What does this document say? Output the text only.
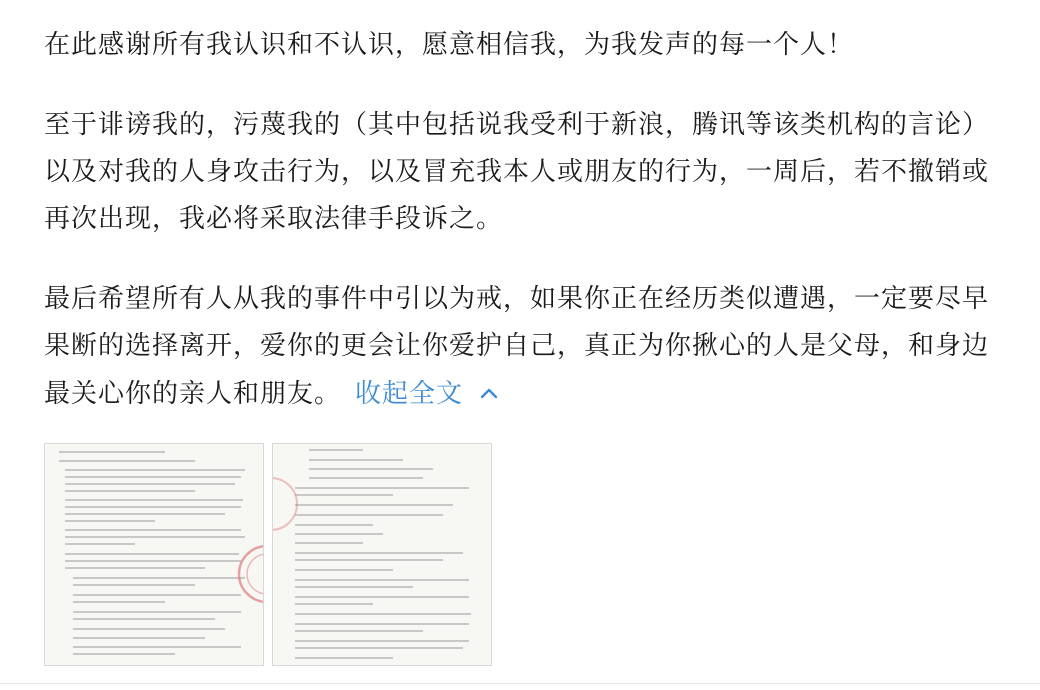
在此感谢所有我认识和不认识，愿意相信我，为我发声的每一个人！

至于诽谤我的，污蔑我的（其中包括说我受利于新浪，腾讯等该类机构的言论）
以及对我的人身攻击行为，以及冒充我本人或朋友的行为，一周后，若不撤销或
再次出现，我必将采取法律手段诉之。

最后希望所有人从我的事件中引以为戒，如果你正在经历类似遭遇，一定要尽早
果断的选择离开，爱你的更会让你爱护自己，真正为你揪心的人是父母，和身边
最关心你的亲人和朋友。 收起全文
